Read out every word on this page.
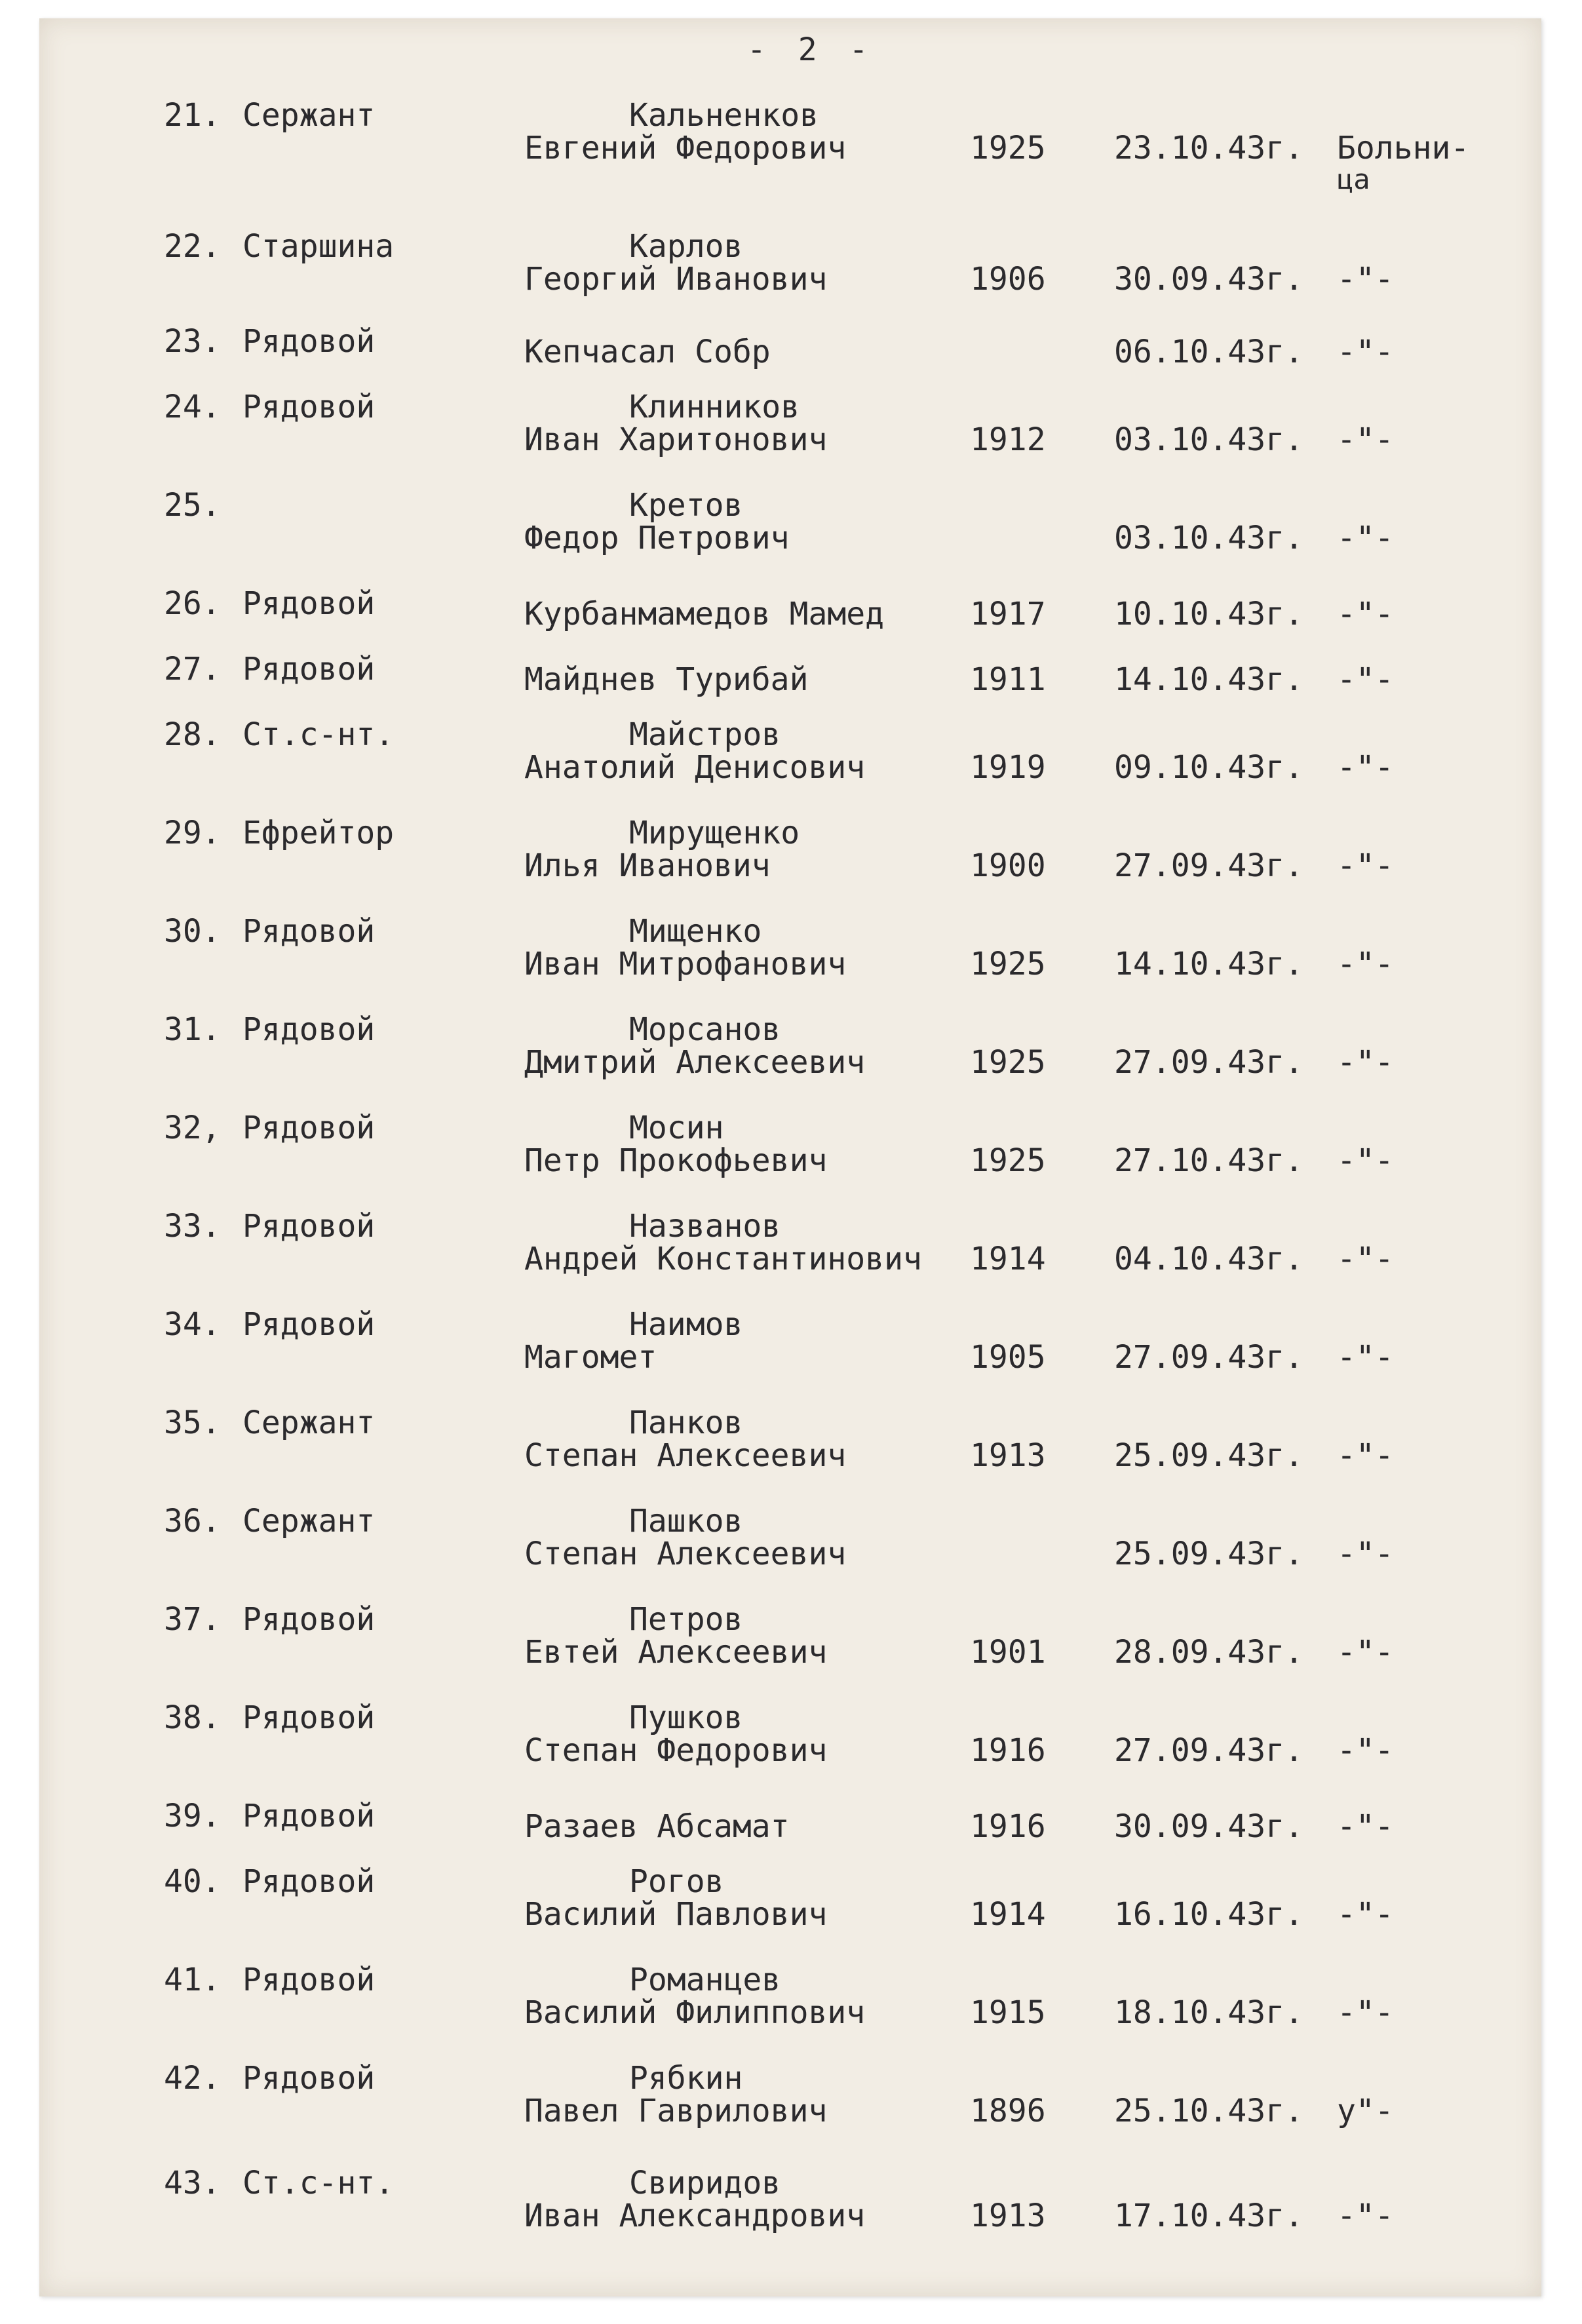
- 2 -
21. Сержант	Кальненков
Евгений Федорович	1925 23.10.43г. Больни-
ца
22. Старшина	Карлов
Георгий Иванович	1906 30.09.43г. -"-
23. Рядовой	Кепчасал Собр	06.10.43г. -"-
24. Рядовой	Клинников
Иван Харитонович	1912 03.10.43г. -"-
25.	Кретов
Федор Петрович	03.10.43г. -"-
26. Рядовой	Курбанмамедов Мамед	1917 10.10.43г. -"-
27. Рядовой	Майднев Турибай	1911 14.10.43г. -"-
28. Ст.с-нт.	Майстров
Анатолий Денисович	1919 09.10.43г. -"-
29. Ефрейтор	Мирущенко
Илья Иванович	1900 27.09.43г. -"-
30. Рядовой	Мищенко
Иван Митрофанович	1925 14.10.43г. -"-
31. Рядовой	Морсанов
Дмитрий Алексеевич	1925 27.09.43г. -"-
32, Рядовой	Мосин
Петр Прокофьевич	1925 27.10.43г. -"-
33. Рядовой	Названов
Андрей Константинович 1914 04.10.43г. -"-
34. Рядовой	Наимов
Магомет	1905 27.09.43г. -"-
35. Сержант	Панков
Степан Алексеевич	1913 25.09.43г. -"-
36. Сержант	Пашков
Степан Алексеевич	25.09.43г. -"-
37. Рядовой	Петров
Евтей Алексеевич	1901 28.09.43г. -"-
38. Рядовой	Пушков
Степан Федорович	1916 27.09.43г. -"-
39. Рядовой	Разаев Абсамат	1916 30.09.43г. -"-
40. Рядовой	Рогов
Василий Павлович	1914 16.10.43г. -"-
41. Рядовой	Романцев
Василий Филиппович	1915 18.10.43г. -"-
42. Рядовой	Рябкин
Павел Гаврилович	1896 25.10.43г. у"-
43. Ст.с-нт.	Свиридов
Иван Александрович	1913 17.10.43г. -"-
